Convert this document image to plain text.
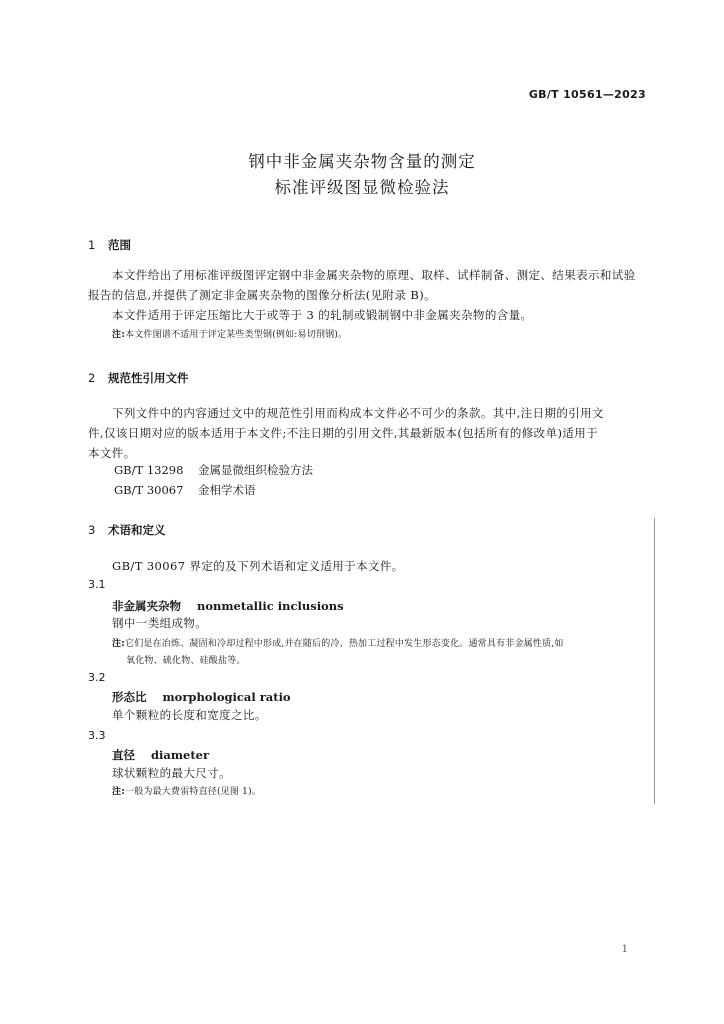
GB/T 10561—2023
钢中非金属夹杂物含量的测定
标准评级图显微检验法
1 范围
本文件给出了用标准评级图评定钢中非金属夹杂物的原理、取样、试样制备、测定、结果表示和试验
报告的信息,并提供了测定非金属夹杂物的图像分析法(见附录 B)。
本文件适用于评定压缩比大于或等于 3 的轧制或锻制钢中非金属夹杂物的含量。
注:本文件图谱不适用于评定某些类型钢(例如:易切削钢)。
2 规范性引用文件
下列文件中的内容通过文中的规范性引用而构成本文件必不可少的条款。其中,注日期的引用文
件,仅该日期对应的版本适用于本文件;不注日期的引用文件,其最新版本(包括所有的修改单)适用于
本文件。
GB/T 13298 金属显微组织检验方法
GB/T 30067 金相学术语
3 术语和定义
GB/T 30067 界定的及下列术语和定义适用于本文件。
3.1
非金属夹杂物 nonmetallic inclusions
钢中一类组成物。
注:它们是在冶炼、凝固和冷却过程中形成,并在随后的冷、热加工过程中发生形态变化。通常具有非金属性质,如
氧化物、硫化物、硅酸盐等。
3.2
形态比 morphological ratio
单个颗粒的长度和宽度之比。
3.3
直径 diameter
球状颗粒的最大尺寸。
注:一般为最大费雷特直径(见图 1)。
1
